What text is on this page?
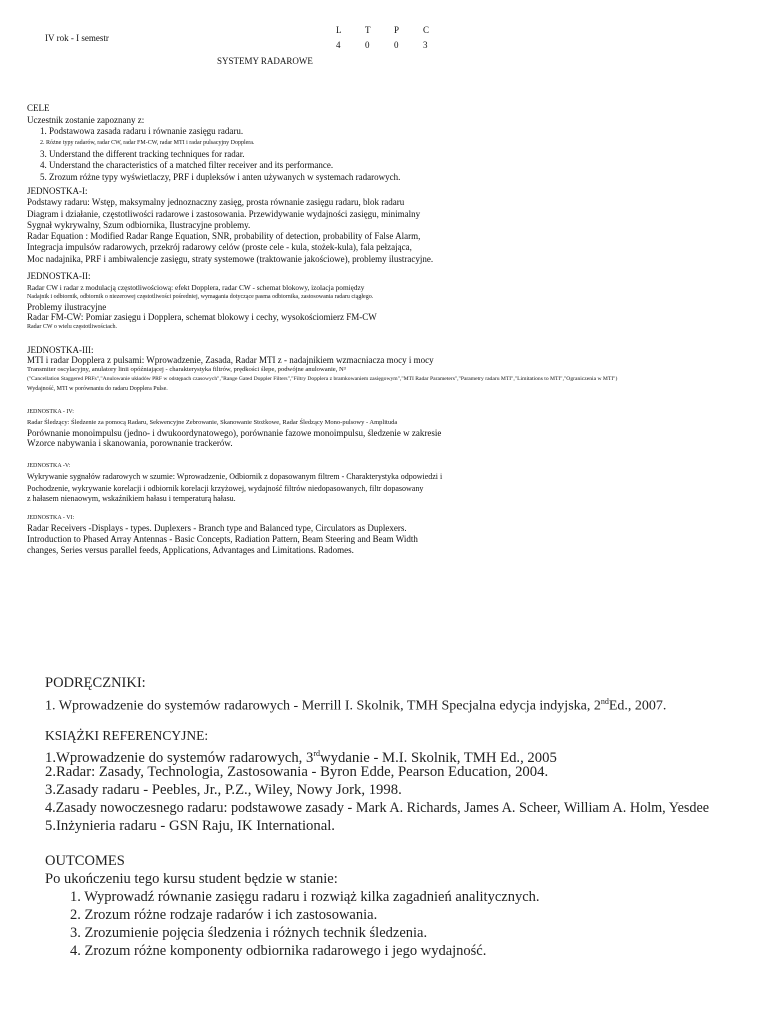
IV rok - I semestr
L	T	P	C
4	0	0	3
SYSTEMY RADAROWE
CELE
Uczestnik zostanie zapoznany z:
1. Podstawowa zasada radaru i równanie zasięgu radaru.
2. Różne typy radarów, radar CW, radar FM-CW, radar MTI i radar pulsacyjny Dopplera.
3. Understand the different tracking techniques for radar.
4. Understand the characteristics of a matched filter receiver and its performance.
5. Zrozum różne typy wyświetlaczy, PRF i dupleksów i anten używanych w systemach radarowych.
JEDNOSTKA-I:
Podstawy radaru: Wstęp, maksymalny jednoznaczny zasięg, prosta równanie zasięgu radaru, blok radaru
Diagram i działanie, częstotliwości radarowe i zastosowania. Przewidywanie wydajności zasięgu, minimalny
Sygnał wykrywalny, Szum odbiornika, Ilustracyjne problemy.
Radar Equation : Modified Radar Range Equation, SNR, probability of detection, probability of False Alarm,
Integracja impulsów radarowych, przekrój radarowy celów (proste cele - kula, stożek-kula), fala pełzająca,
Moc nadajnika, PRF i ambiwalencje zasięgu, straty systemowe (traktowanie jakościowe), problemy ilustracyjne.
JEDNOSTKA-II:
Radar CW i radar z modulacją częstotliwościową: efekt Dopplera, radar CW - schemat blokowy, izolacja pomiędzy
Nadajnik i odbiornik, odbiornik o niezerowej częstotliwości pośredniej, wymagania dotyczące pasma odbiornika, zastosowania radaru ciągłego.
Problemy ilustracyjne
Radar FM-CW: Pomiar zasięgu i Dopplera, schemat blokowy i cechy, wysokościomierz FM-CW
Radar CW o wielu częstotliwościach.
JEDNOSTKA-III:
MTI i radar Dopplera z pulsami: Wprowadzenie, Zasada, Radar MTI z - nadajnikiem wzmacniacza mocy i mocy
Transmiter oscylacyjny, anulatory linii opóźniającej - charakterystyka filtrów, prędkości ślepe, podwójne anulowanie, N³
("Cancellation Staggered PRFs","Anulowanie układów PRF w odstępach czasowych","Range Gated Doppler Filters","Filtry Dopplera z bramkowaniem zasięgowym","MTI Radar Parameters","Parametry radaru MTI","Limitations to MTI","Ograniczenia w MTI")
Wydajność, MTI w porównaniu do radaru Dopplera Pulse.
JEDNOSTKA - IV:
Radar Śledzący: Śledzenie za pomocą Radaru, Sekwencyjne Zebrowanie, Skanowanie Stożkowe, Radar Śledzący Mono-pulsowy - Amplituda
Porównanie monoimpulsu (jedno- i dwukoordynatowego), porównanie fazowe monoimpulsu, śledzenie w zakresie
Wzorce nabywania i skanowania, porownanie trackerów.
JEDNOSTKA -V:
Wykrywanie sygnałów radarowych w szumie: Wprowadzenie, Odbiornik z dopasowanym filtrem - Charakterystyka odpowiedzi i
Pochodzenie, wykrywanie korelacji i odbiornik korelacji krzyżowej, wydajność filtrów niedopasowanych, filtr dopasowany
z hałasem nienaowym, wskaźnikiem hałasu i temperaturą hałasu.
JEDNOSTKA - VI:
Radar Receivers -Displays - types. Duplexers - Branch type and Balanced type, Circulators as Duplexers.
Introduction to Phased Array Antennas - Basic Concepts, Radiation Pattern, Beam Steering and Beam Width
changes, Series versus parallel feeds, Applications, Advantages and Limitations. Radomes.
PODRĘCZNIKI:
1. Wprowadzenie do systemów radarowych - Merrill I. Skolnik, TMH Specjalna edycja indyjska, 2ndEd., 2007.
KSIĄŻKI REFERENCYJNE:
1.Wprowadzenie do systemów radarowych, 3rdwydanie - M.I. Skolnik, TMH Ed., 2005
2.Radar: Zasady, Technologia, Zastosowania - Byron Edde, Pearson Education, 2004.
3.Zasady radaru - Peebles, Jr., P.Z., Wiley, Nowy Jork, 1998.
4.Zasady nowoczesnego radaru: podstawowe zasady - Mark A. Richards, James A. Scheer, William A. Holm, Yesdee
5.Inżynieria radaru - GSN Raju, IK International.
OUTCOMES
Po ukończeniu tego kursu student będzie w stanie:
1. Wyprowadź równanie zasięgu radaru i rozwiąż kilka zagadnień analitycznych.
2. Zrozum różne rodzaje radarów i ich zastosowania.
3. Zrozumienie pojęcia śledzenia i różnych technik śledzenia.
4. Zrozum różne komponenty odbiornika radarowego i jego wydajność.
